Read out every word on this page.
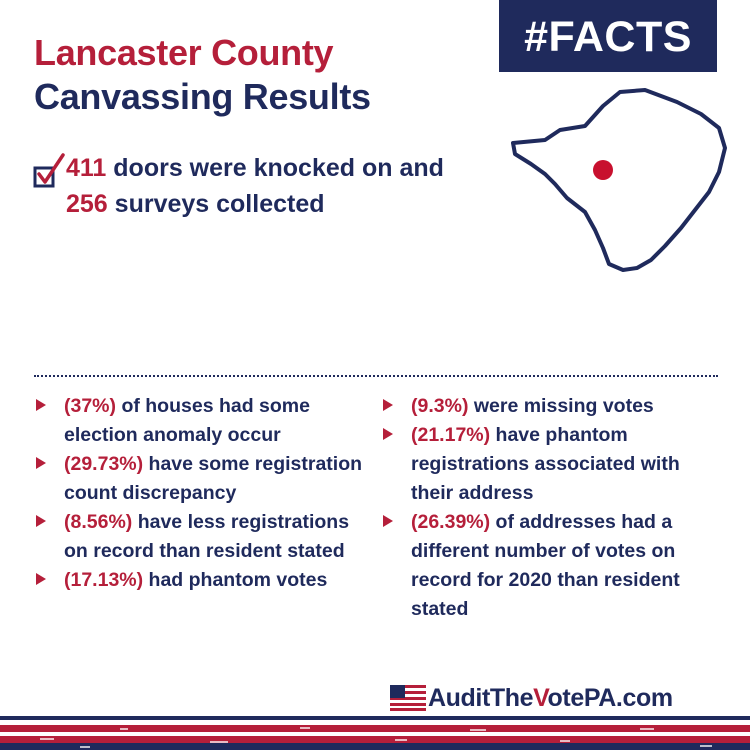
Lancaster County
Canvassing Results
#FACTS
411 doors were knocked on and
256 surveys collected
(37%) of houses had some election anomaly occur
(29.73%) have some registration count discrepancy
(8.56%) have less registrations on record than resident stated
(17.13%) had phantom votes
(9.3%) were missing votes
(21.17%) have phantom registrations associated with their address
(26.39%) of addresses had a different number of votes on record for 2020 than resident stated
AuditTheVotePA.com
